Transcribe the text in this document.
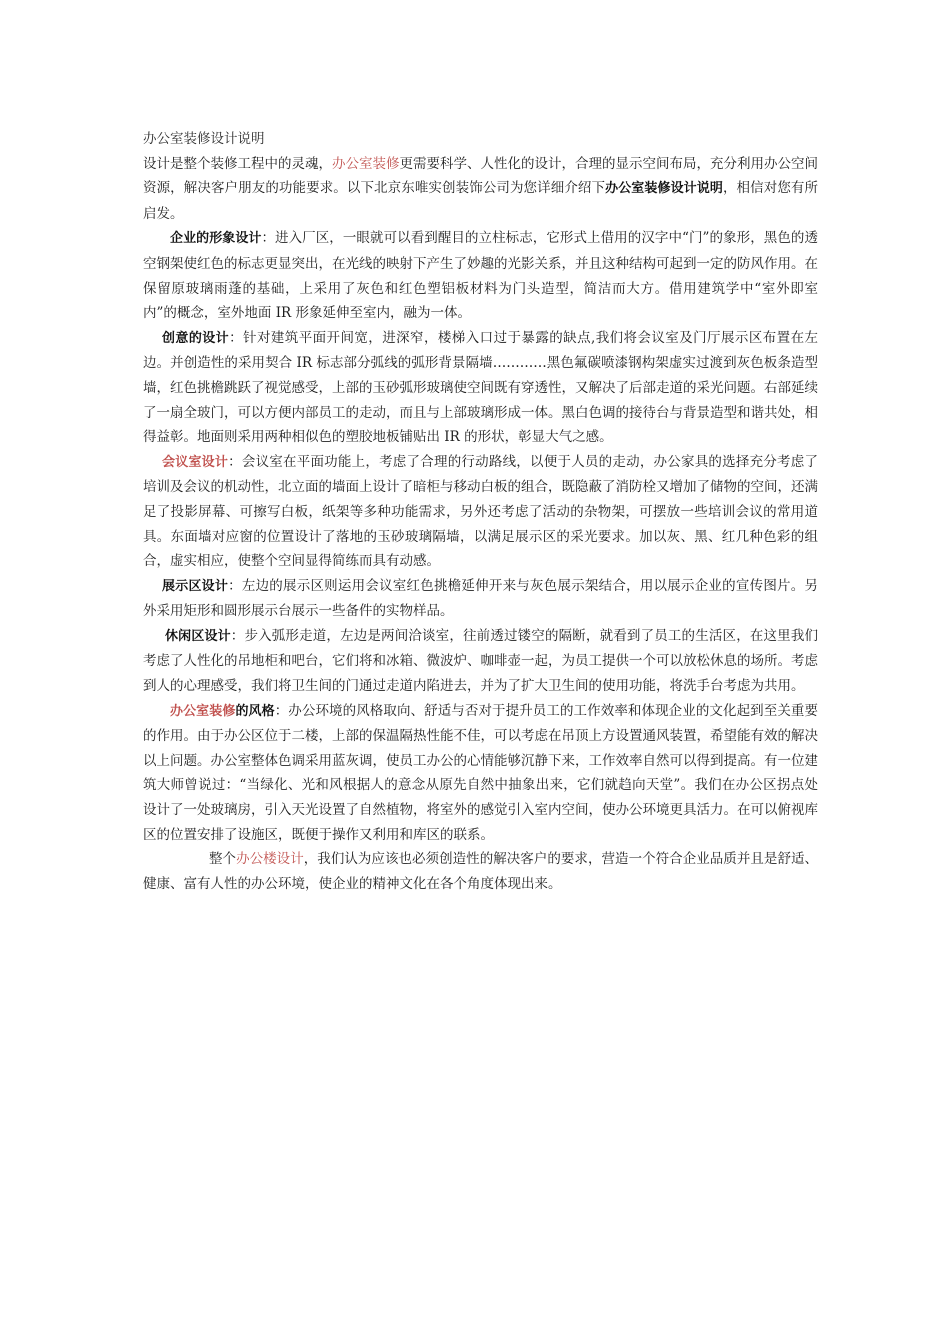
办公室装修设计说明

设计是整个装修工程中的灵魂，办公室装修更需要科学、人性化的设计，合理的显示空间布局，充分利用办公空间资源，解决客户朋友的功能要求。以下北京东唯实创装饰公司为您详细介绍下办公室装修设计说明，相信对您有所启发。

企业的形象设计：进入厂区，一眼就可以看到醒目的立柱标志，它形式上借用的汉字中“门”的象形，黑色的透空钢架使红色的标志更显突出，在光线的映射下产生了妙趣的光影关系，并且这种结构可起到一定的防风作用。在保留原玻璃雨蓬的基础，上采用了灰色和红色塑铝板材料为门头造型，简洁而大方。借用建筑学中“室外即室内”的概念，室外地面 IR 形象延伸至室内，融为一体。

创意的设计：针对建筑平面开间宽，进深窄，楼梯入口过于暴露的缺点,我们将会议室及门厅展示区布置在左边。并创造性的采用契合 IR 标志部分弧线的弧形背景隔墙…………黑色氟碳喷漆钢构架虚实过渡到灰色板条造型墙，红色挑檐跳跃了视觉感受，上部的玉砂弧形玻璃使空间既有穿透性，又解决了后部走道的采光问题。右部延续了一扇全玻门，可以方便内部员工的走动，而且与上部玻璃形成一体。黑白色调的接待台与背景造型和谐共处，相得益彰。地面则采用两种相似色的塑胶地板铺贴出 IR 的形状，彰显大气之感。

会议室设计：会议室在平面功能上，考虑了合理的行动路线，以便于人员的走动，办公家具的选择充分考虑了培训及会议的机动性，北立面的墙面上设计了暗柜与移动白板的组合，既隐蔽了消防栓又增加了储物的空间，还满足了投影屏幕、可擦写白板，纸架等多种功能需求，另外还考虑了活动的杂物架，可摆放一些培训会议的常用道具。东面墙对应窗的位置设计了落地的玉砂玻璃隔墙，以满足展示区的采光要求。加以灰、黑、红几种色彩的组合，虚实相应，使整个空间显得简练而具有动感。

展示区设计：左边的展示区则运用会议室红色挑檐延伸开来与灰色展示架结合，用以展示企业的宣传图片。另外采用矩形和圆形展示台展示一些备件的实物样品。

休闲区设计：步入弧形走道，左边是两间洽谈室，往前透过镂空的隔断，就看到了员工的生活区，在这里我们考虑了人性化的吊地柜和吧台，它们将和冰箱、微波炉、咖啡壶一起，为员工提供一个可以放松休息的场所。考虑到人的心理感受，我们将卫生间的门通过走道内陷进去，并为了扩大卫生间的使用功能，将洗手台考虑为共用。

办公室装修的风格：办公环境的风格取向、舒适与否对于提升员工的工作效率和体现企业的文化起到至关重要的作用。由于办公区位于二楼，上部的保温隔热性能不佳，可以考虑在吊顶上方设置通风装置，希望能有效的解决以上问题。办公室整体色调采用蓝灰调，使员工办公的心情能够沉静下来，工作效率自然可以得到提高。有一位建筑大师曾说过：“当绿化、光和风根据人的意念从原先自然中抽象出来，它们就趋向天堂”。我们在办公区拐点处设计了一处玻璃房，引入天光设置了自然植物，将室外的感觉引入室内空间，使办公环境更具活力。在可以俯视库区的位置安排了设施区，既便于操作又利用和库区的联系。

整个办公楼设计，我们认为应该也必须创造性的解决客户的要求，营造一个符合企业品质并且是舒适、健康、富有人性的办公环境，使企业的精神文化在各个角度体现出来。
